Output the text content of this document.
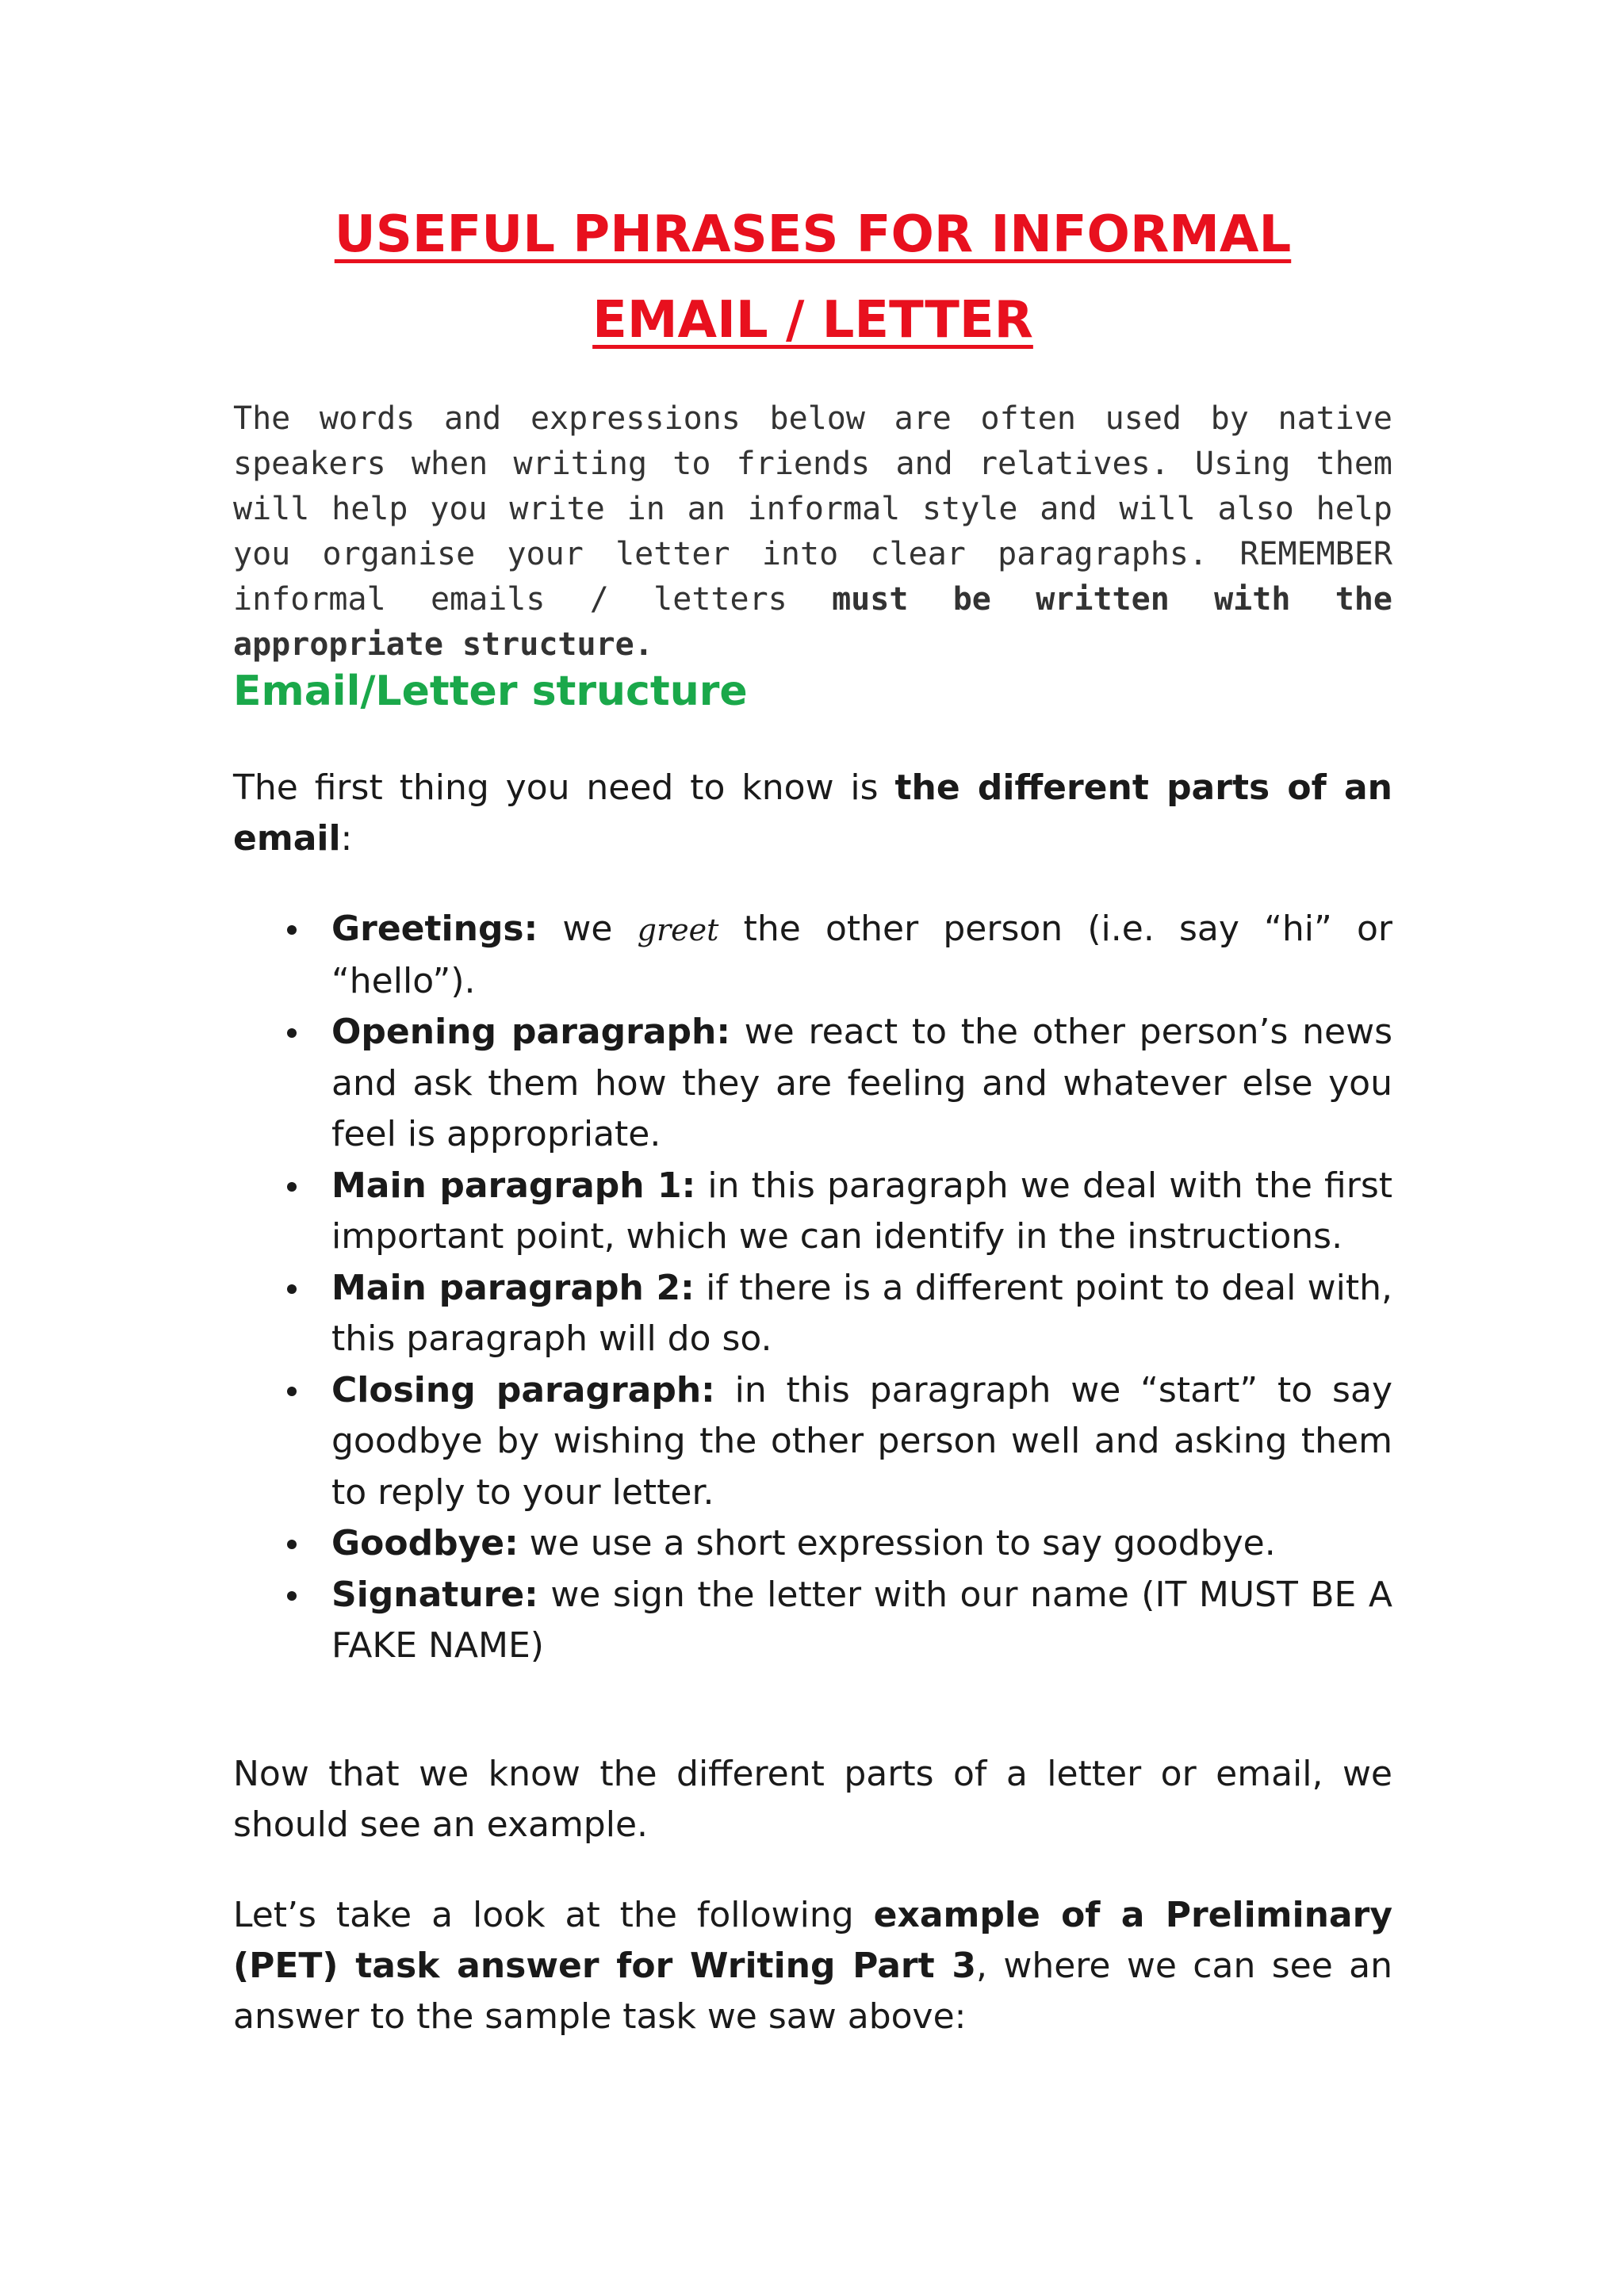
USEFUL PHRASES FOR INFORMAL
EMAIL / LETTER

The words and expressions below are often used by native speakers when writing to friends and relatives. Using them will help you write in an informal style and will also help you organise your letter into clear paragraphs. REMEMBER informal emails / letters must be written with the appropriate structure.

Email/Letter structure

The first thing you need to know is the different parts of an email:

Greetings: we greet the other person (i.e. say “hi” or “hello”).
Opening paragraph: we react to the other person’s news and ask them how they are feeling and whatever else you feel is appropriate.
Main paragraph 1: in this paragraph we deal with the first important point, which we can identify in the instructions.
Main paragraph 2: if there is a different point to deal with, this paragraph will do so.
Closing paragraph: in this paragraph we “start” to say goodbye by wishing the other person well and asking them to reply to your letter.
Goodbye: we use a short expression to say goodbye.
Signature: we sign the letter with our name (IT MUST BE A FAKE NAME)

Now that we know the different parts of a letter or email, we should see an example.

Let’s take a look at the following example of a Preliminary (PET) task answer for Writing Part 3, where we can see an answer to the sample task we saw above:
